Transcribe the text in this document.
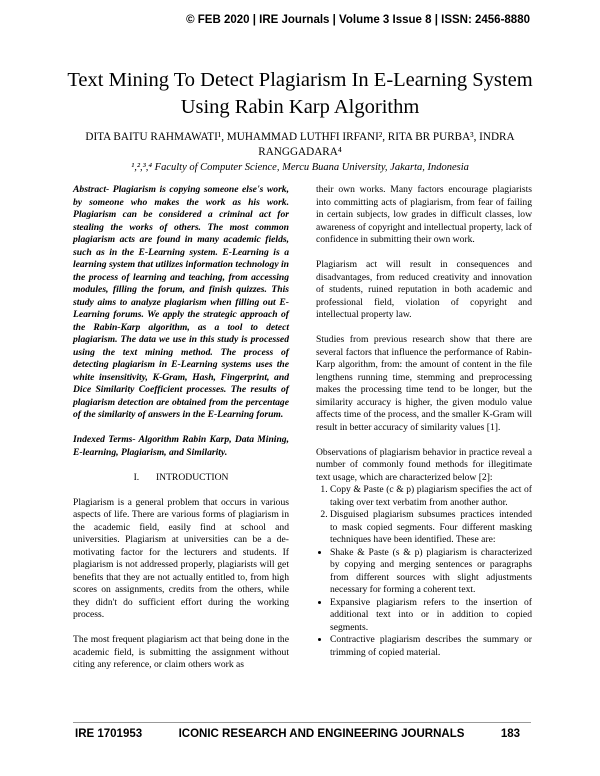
© FEB 2020 | IRE Journals | Volume 3 Issue 8 | ISSN: 2456-8880
Text Mining To Detect Plagiarism In E-Learning System
Using Rabin Karp Algorithm
DITA BAITU RAHMAWATI¹, MUHAMMAD LUTHFI IRFANI², RITA BR PURBA³, INDRA RANGGADARA⁴
¹,²,³,⁴ Faculty of Computer Science, Mercu Buana University, Jakarta, Indonesia

Abstract- Plagiarism is copying someone else's work, by someone who makes the work as his work. Plagiarism can be considered a criminal act for stealing the works of others. The most common plagiarism acts are found in many academic fields, such as in the E-Learning system. E-Learning is a learning system that utilizes information technology in the process of learning and teaching, from accessing modules, filling the forum, and finish quizzes. This study aims to analyze plagiarism when filling out E-Learning forums. We apply the strategic approach of the Rabin-Karp algorithm, as a tool to detect plagiarism. The data we use in this study is processed using the text mining method. The process of detecting plagiarism in E-Learning systems uses the white insensitivity, K-Gram, Hash, Fingerprint, and Dice Similarity Coefficient processes. The results of plagiarism detection are obtained from the percentage of the similarity of answers in the E-Learning forum.

Indexed Terms- Algorithm Rabin Karp, Data Mining, E-learning, Plagiarism, and Similarity.

I. INTRODUCTION

Plagiarism is a general problem that occurs in various aspects of life. There are various forms of plagiarism in the academic field, easily find at school and universities. Plagiarism at universities can be a de-motivating factor for the lecturers and students. If plagiarism is not addressed properly, plagiarists will get benefits that they are not actually entitled to, from high scores on assignments, credits from the others, while they didn't do sufficient effort during the working process.

The most frequent plagiarism act that being done in the academic field, is submitting the assignment without citing any reference, or claim others work as

their own works. Many factors encourage plagiarists into committing acts of plagiarism, from fear of failing in certain subjects, low grades in difficult classes, low awareness of copyright and intellectual property, lack of confidence in submitting their own work.

Plagiarism act will result in consequences and disadvantages, from reduced creativity and innovation of students, ruined reputation in both academic and professional field, violation of copyright and intellectual property law.

Studies from previous research show that there are several factors that influence the performance of Rabin-Karp algorithm, from: the amount of content in the file lengthens running time, stemming and preprocessing makes the processing time tend to be longer, but the similarity accuracy is higher, the given modulo value affects time of the process, and the smaller K-Gram will result in better accuracy of similarity values [1].

Observations of plagiarism behavior in practice reveal a number of commonly found methods for illegitimate text usage, which are characterized below [2]:

1. Copy & Paste (c & p) plagiarism specifies the act of taking over text verbatim from another author.
2. Disguised plagiarism subsumes practices intended to mask copied segments. Four different masking techniques have been identified. These are:
• Shake & Paste (s & p) plagiarism is characterized by copying and merging sentences or paragraphs from different sources with slight adjustments necessary for forming a coherent text.
• Expansive plagiarism refers to the insertion of additional text into or in addition to copied segments.
• Contractive plagiarism describes the summary or trimming of copied material.
IRE 1701953	ICONIC RESEARCH AND ENGINEERING JOURNALS	183
